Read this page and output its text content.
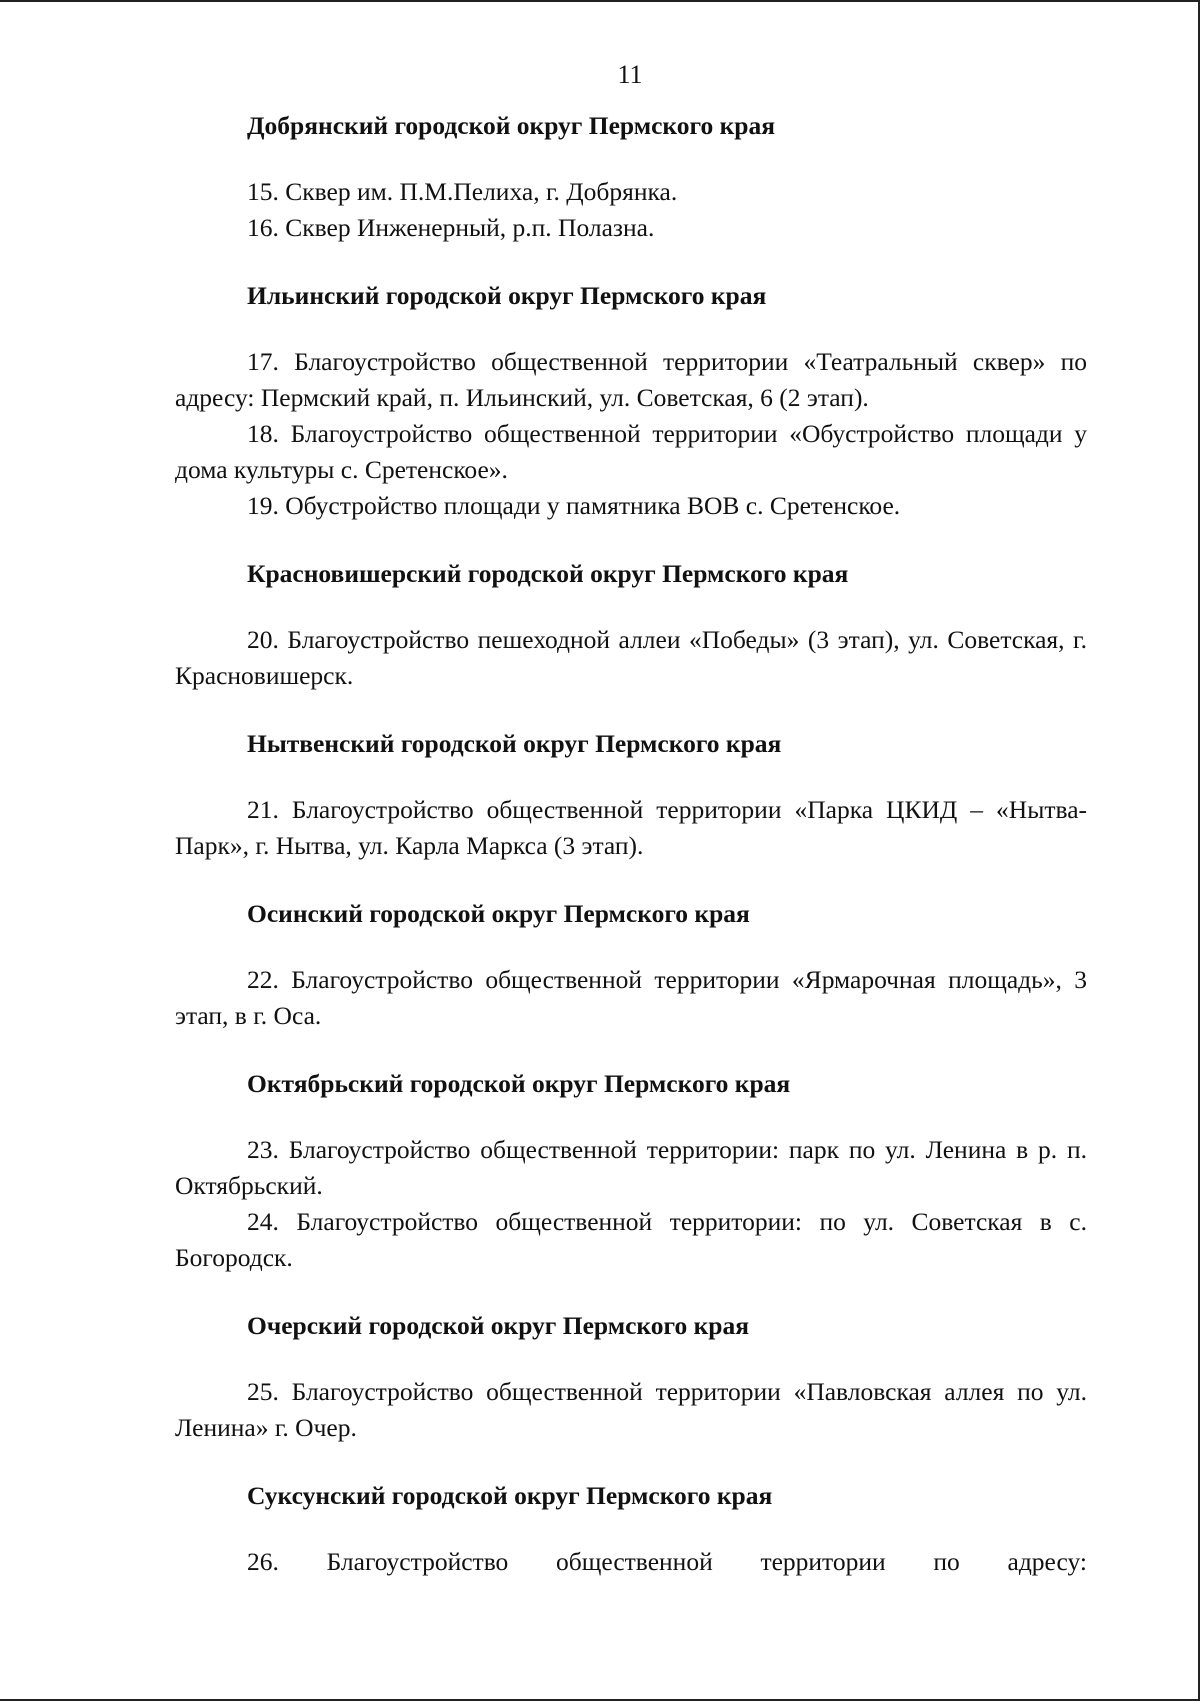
11

Добрянский городской округ Пермского края

15. Сквер им. П.М.Пелиха, г. Добрянка.

16. Сквер Инженерный, р.п. Полазна.

Ильинский городской округ Пермского края

17. Благоустройство общественной территории «Театральный сквер» по адресу: Пермский край, п. Ильинский, ул. Советская, 6 (2 этап).

18. Благоустройство общественной территории «Обустройство площади у дома культуры с. Сретенское».

19. Обустройство площади у памятника ВОВ с. Сретенское.

Красновишерский городской округ Пермского края

20. Благоустройство пешеходной аллеи «Победы» (3 этап), ул. Советская, г. Красновишерск.

Нытвенский городской округ Пермского края

21. Благоустройство общественной территории «Парка ЦКИД – «Нытва-Парк», г. Нытва, ул. Карла Маркса (3 этап).

Осинский городской округ Пермского края

22. Благоустройство общественной территории «Ярмарочная площадь», 3 этап, в г. Оса.

Октябрьский городской округ Пермского края

23. Благоустройство общественной территории: парк по ул. Ленина в р. п. Октябрьский.

24. Благоустройство общественной территории: по ул. Советская в с. Богородск.

Очерский городской округ Пермского края

25. Благоустройство общественной территории «Павловская аллея по ул. Ленина» г. Очер.

Суксунский городской округ Пермского края

26. Благоустройство общественной территории по адресу:
